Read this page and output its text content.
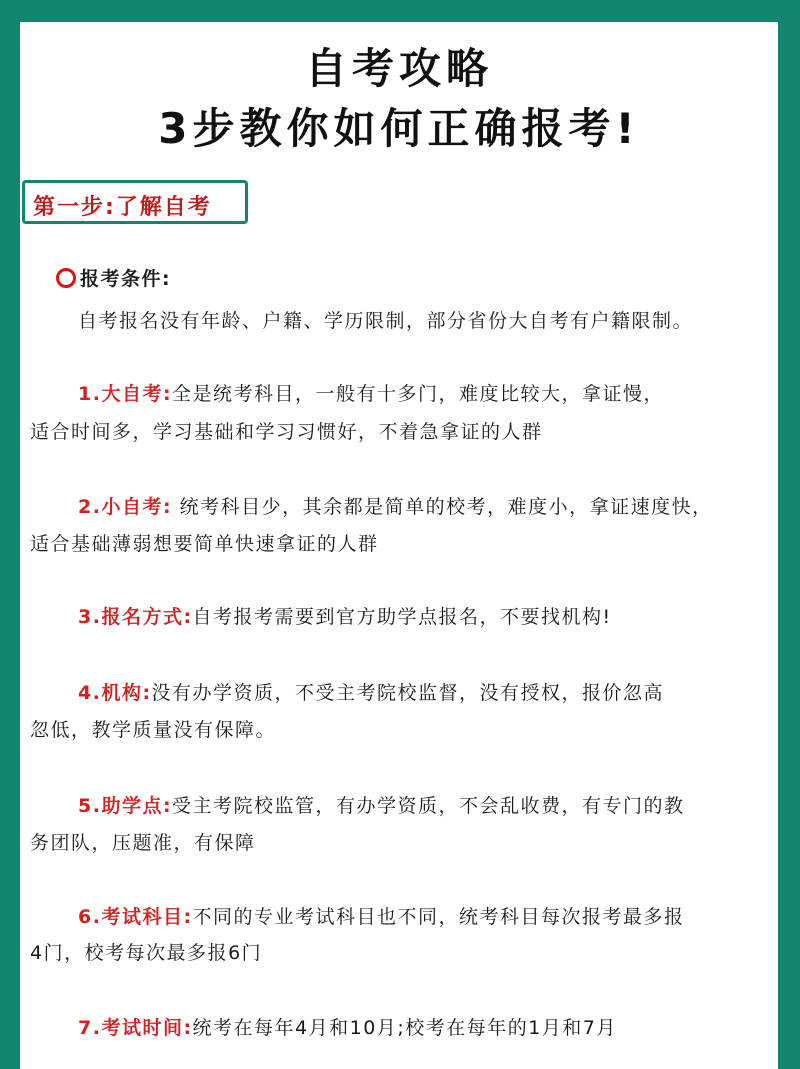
自考攻略
3步教你如何正确报考!
第一步:了解自考
报考条件:
自考报名没有年龄、户籍、学历限制，部分省份大自考有户籍限制。
1.大自考:全是统考科目，一般有十多门，难度比较大，拿证慢，
适合时间多，学习基础和学习习惯好，不着急拿证的人群
2.小自考: 统考科目少，其余都是简单的校考，难度小，拿证速度快，
适合基础薄弱想要简单快速拿证的人群
3.报名方式:自考报考需要到官方助学点报名，不要找机构!
4.机构:没有办学资质，不受主考院校监督，没有授权，报价忽高
忽低，教学质量没有保障。
5.助学点:受主考院校监管，有办学资质，不会乱收费，有专门的教
务团队，压题准，有保障
6.考试科目:不同的专业考试科目也不同，统考科目每次报考最多报
4门，校考每次最多报6门
7.考试时间:统考在每年4月和10月;校考在每年的1月和7月
